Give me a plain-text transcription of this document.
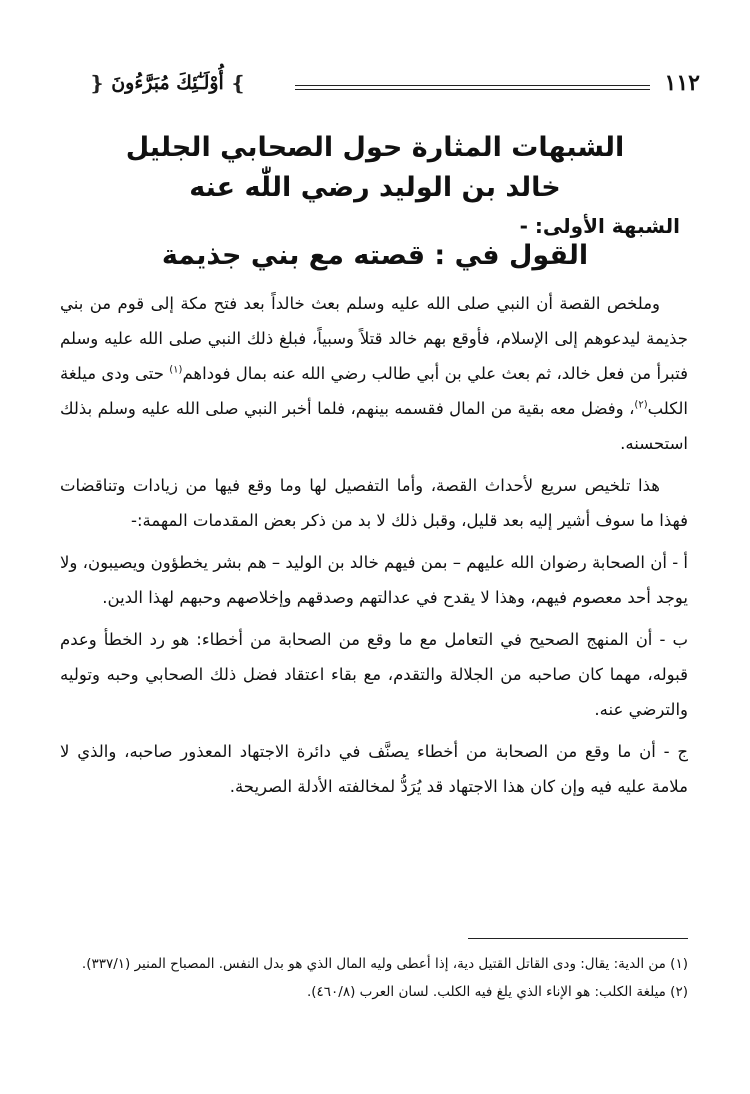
١١٢
❵
أُوْلَـٰٓئِكَ مُبَرَّءُونَ
❴
الشبهات المثارة حول الصحابي الجليل
خالد بن الوليد رضي اللّٰه عنه
الشبهة الأولى: -
القول في : قصته مع بني جذيمة

وملخص القصة أن النبي صلى الله عليه وسلم بعث خالداً بعد فتح مكة إلى قوم من بني جذيمة ليدعوهم إلى الإسلام، فأوقع بهم خالد قتلاً وسبياً، فبلغ ذلك النبي صلى الله عليه وسلم فتبرأ من فعل خالد، ثم بعث علي بن أبي طالب رضي الله عنه بمال فوداهم$^{(١)}$ حتى ودى ميلغة الكلب$^{(٢)}$، وفضل معه بقية من المال فقسمه بينهم، فلما أخبر النبي صلى الله عليه وسلم بذلك استحسنه.

هذا تلخيص سريع لأحداث القصة، وأما التفصيل لها وما وقع فيها من زيادات وتناقضات فهذا ما سوف أشير إليه بعد قليل، وقبل ذلك لا بد من ذكر بعض المقدمات المهمة:-

أ - أن الصحابة رضوان الله عليهم – بمن فيهم خالد بن الوليد – هم بشر يخطؤون ويصيبون، ولا يوجد أحد معصوم فيهم، وهذا لا يقدح في عدالتهم وصدقهم وإخلاصهم وحبهم لهذا الدين.

ب - أن المنهج الصحيح في التعامل مع ما وقع من الصحابة من أخطاء: هو رد الخطأ وعدم قبوله، مهما كان صاحبه من الجلالة والتقدم، مع بقاء اعتقاد فضل ذلك الصحابي وحبه وتوليه والترضي عنه.

ج - أن ما وقع من الصحابة من أخطاء يصنَّف في دائرة الاجتهاد المعذور صاحبه، والذي لا ملامة عليه فيه وإن كان هذا الاجتهاد قد يُرَدُّ لمخالفته الأدلة الصريحة.

(١) من الدية: يقال: ودى القاتل القتيل دية، إذا أعطى وليه المال الذي هو بدل النفس. المصباح المنير (٣٣٧/١).

(٢) ميلغة الكلب: هو الإناء الذي يلغ فيه الكلب. لسان العرب (٤٦٠/٨).
